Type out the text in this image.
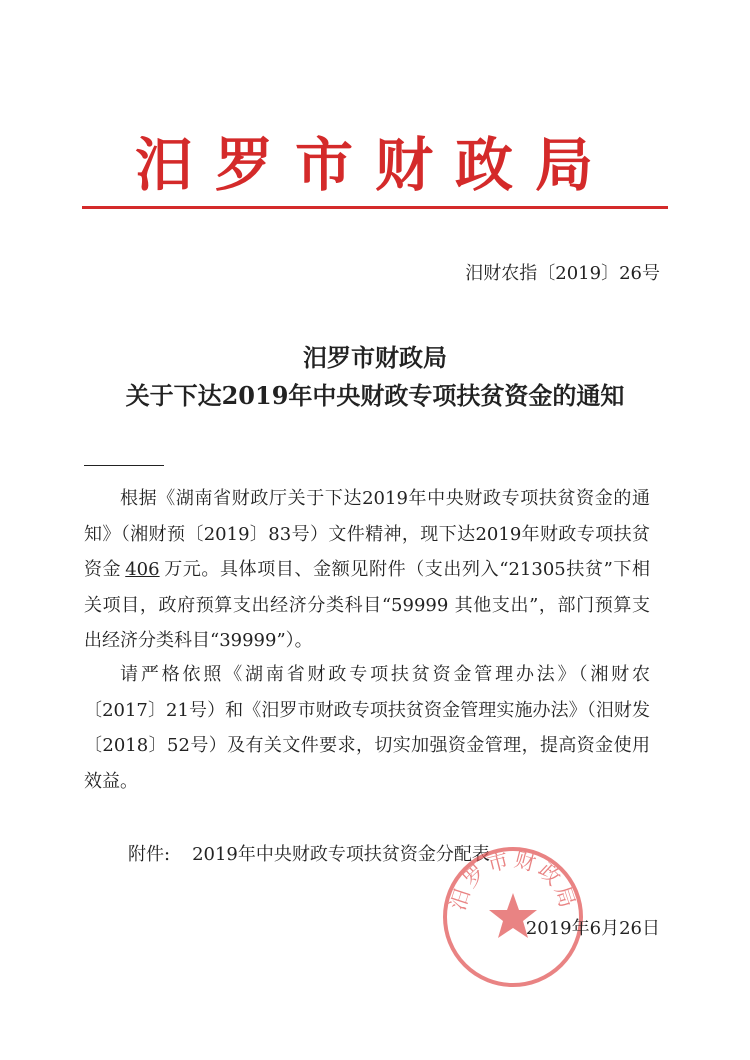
汨罗市财政局
汨财农指〔2019〕26号
汨罗市财政局
关于下达2019年中央财政专项扶贫资金的通知
根据《湖南省财政厅关于下达2019年中央财政专项扶贫资金的通知》（湘财预〔2019〕83号）文件精神，现下达2019年财政专项扶贫资金 406 万元。具体项目、金额见附件（支出列入“21305扶贫”下相关项目，政府预算支出经济分类科目“59999 其他支出”，部门预算支出经济分类科目“39999”）。
请严格依照《湖南省财政专项扶贫资金管理办法》（湘财农〔2017〕21号）和《汨罗市财政专项扶贫资金管理实施办法》（汨财发〔2018〕52号）及有关文件要求，切实加强资金管理，提高资金使用效益。
附件: 2019年中央财政专项扶贫资金分配表
汨罗市财政局
2019年6月26日
